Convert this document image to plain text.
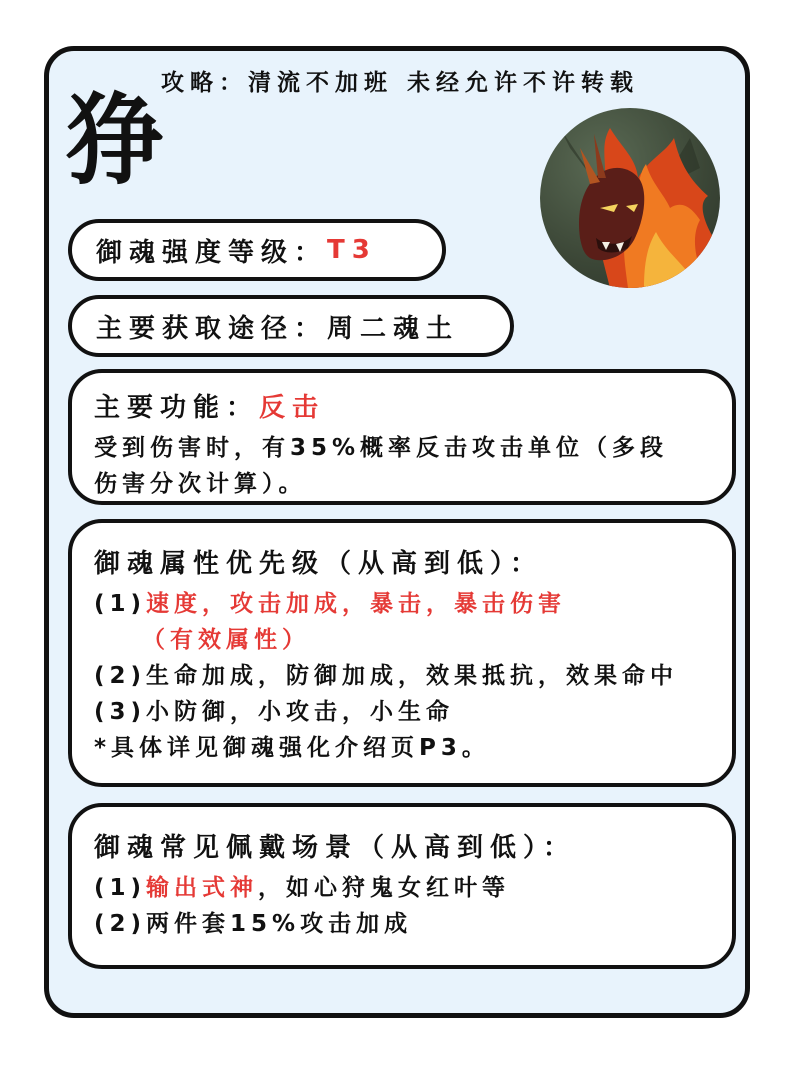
攻略：清流不加班 未经允许不许转载
狰
御魂强度等级： T3
主要获取途径：周二魂土
主要功能：反击
受到伤害时，有35%概率反击攻击单位（多段
伤害分次计算）。
御魂属性优先级（从高到低）：
(1)速度，攻击加成，暴击，暴击伤害
（有效属性）
(2)生命加成，防御加成，效果抵抗，效果命中
(3)小防御，小攻击，小生命
*具体详见御魂强化介绍页P3。
御魂常见佩戴场景（从高到低）：
(1)输出式神，如心狩鬼女红叶等
(2)两件套15%攻击加成
